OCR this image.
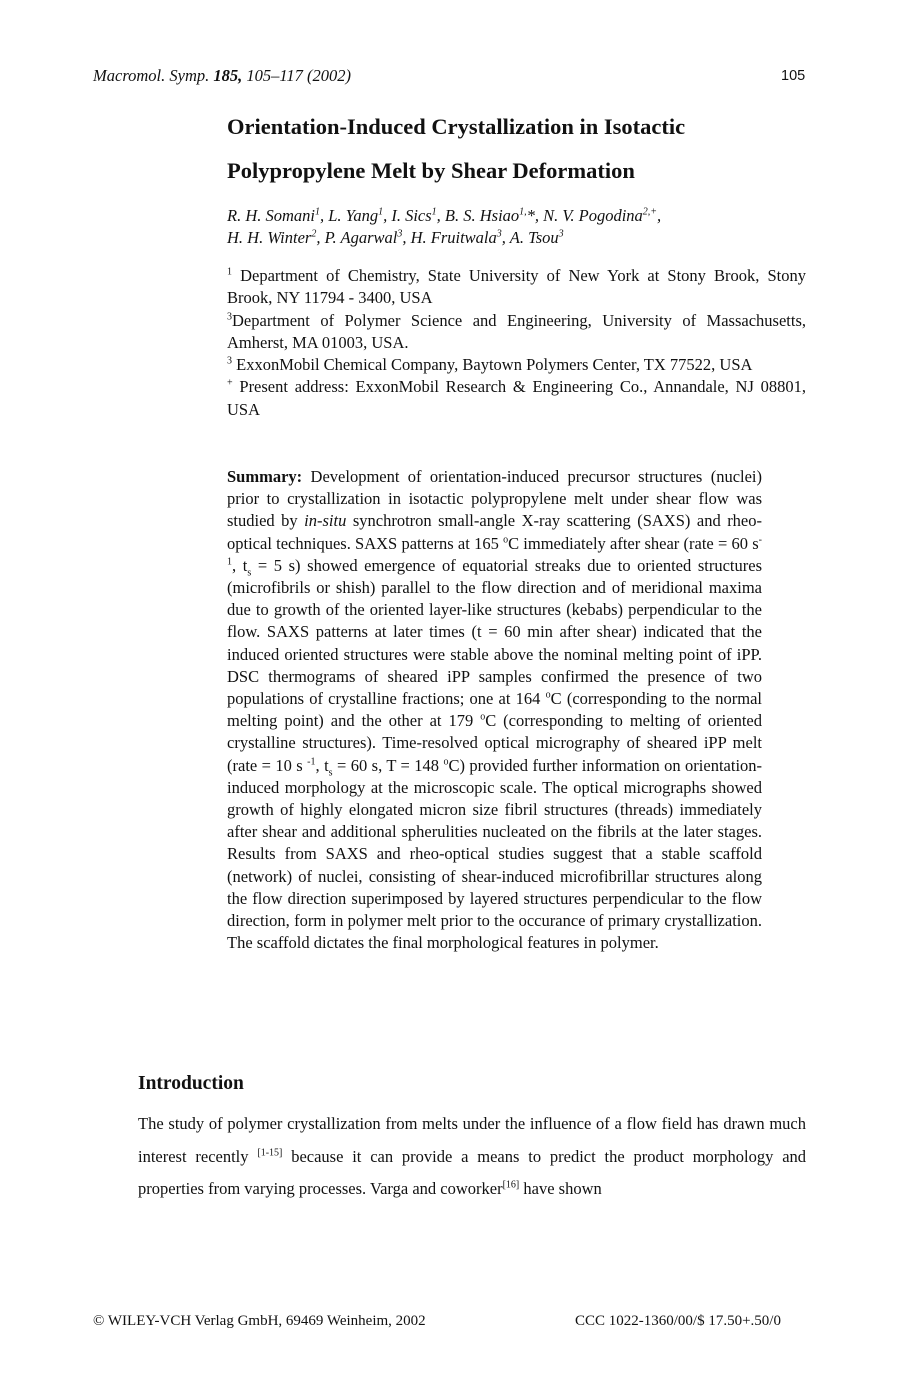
Macromol. Symp. 185, 105–117 (2002)	105
Orientation-Induced Crystallization in Isotactic
Polypropylene Melt by Shear Deformation
R. H. Somani$^1$, L. Yang$^1$, I. Sics$^1$, B. S. Hsiao$^{1,}$*, N. V. Pogodina$^{2,+}$,
H. H. Winter$^2$, P. Agarwal$^3$, H. Fruitwala$^3$, A. Tsou$^3$

$^1$ Department of Chemistry, State University of New York at Stony Brook, Stony Brook, NY 11794 - 3400, USA

$^3$Department of Polymer Science and Engineering, University of Massachusetts, Amherst, MA 01003, USA.

$^3$ ExxonMobil Chemical Company, Baytown Polymers Center, TX 77522, USA

+ Present address: ExxonMobil Research & Engineering Co., Annandale, NJ 08801, USA

Summary: Development of orientation-induced precursor structures (nuclei) prior to crystallization in isotactic polypropylene melt under shear flow was studied by in-situ synchrotron small-angle X-ray scattering (SAXS) and rheo-optical techniques. SAXS patterns at 165 $^o$C immediately after shear (rate = 60 $s^{-1}$, $t_s = 5$ s) showed emergence of equatorial streaks due to oriented structures (microfibrils or shish) parallel to the flow direction and of meridional maxima due to growth of the oriented layer-like structures (kebabs) perpendicular to the flow. SAXS patterns at later times (t = 60 min after shear) indicated that the induced oriented structures were stable above the nominal melting point of iPP. DSC thermograms of sheared iPP samples confirmed the presence of two populations of crystalline fractions; one at 164 $^o$C (corresponding to the normal melting point) and the other at 179 $^o$C (corresponding to melting of oriented crystalline structures). Time-resolved optical micrography of sheared iPP melt (rate = 10 s $^{-1}$, $t_s = 60$ s, T = 148 $^o$C) provided further information on orientation-induced morphology at the microscopic scale. The optical micrographs showed growth of highly elongated micron size fibril structures (threads) immediately after shear and additional spherulities nucleated on the fibrils at the later stages. Results from SAXS and rheo-optical studies suggest that a stable scaffold (network) of nuclei, consisting of shear-induced microfibrillar structures along the flow direction superimposed by layered structures perpendicular to the flow direction, form in polymer melt prior to the occurance of primary crystallization. The scaffold dictates the final morphological features in polymer.

Introduction

The study of polymer crystallization from melts under the influence of a flow field has drawn much interest recently [1-15] because it can provide a means to predict the product morphology and properties from varying processes. Varga and coworker[16] have shown

© WILEY-VCH Verlag GmbH, 69469 Weinheim, 2002	CCC 1022-1360/00/$ 17.50+.50/0
